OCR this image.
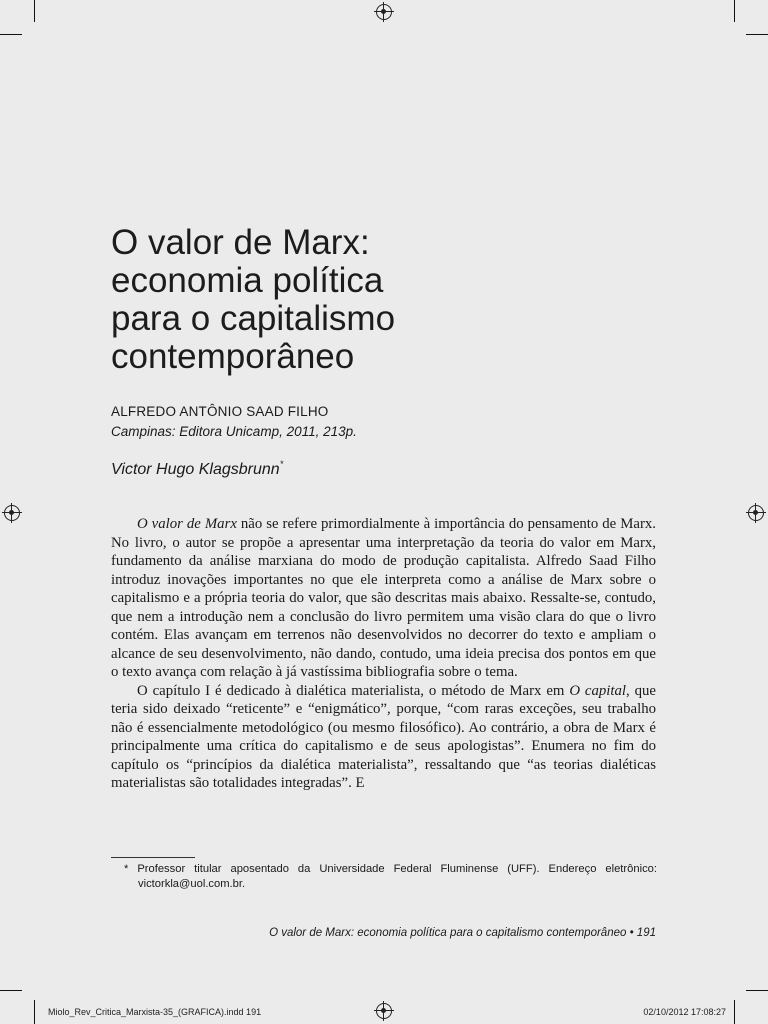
O valor de Marx:
economia política
para o capitalismo
contemporâneo
ALFREDO ANTÔNIO SAAD FILHO
Campinas: Editora Unicamp, 2011, 213p.
Victor Hugo Klagsbrunn*

O valor de Marx não se refere primordialmente à importância do pensamento de Marx. No livro, o autor se propõe a apresentar uma interpretação da teoria do valor em Marx, fundamento da análise marxiana do modo de produção capitalista. Alfredo Saad Filho introduz inovações importantes no que ele interpreta como a análise de Marx sobre o capitalismo e a própria teoria do valor, que são descritas mais abaixo. Ressalte-se, contudo, que nem a introdução nem a conclusão do livro permitem uma visão clara do que o livro contém. Elas avançam em terrenos não desenvolvidos no decorrer do texto e ampliam o alcance de seu desenvolvimento, não dando, contudo, uma ideia precisa dos pontos em que o texto avança com relação à já vastíssima bibliografia sobre o tema.

O capítulo I é dedicado à dialética materialista, o método de Marx em O capital, que teria sido deixado “reticente” e “enigmático”, porque, “com raras exceções, seu trabalho não é essencialmente metodológico (ou mesmo filosófico). Ao contrário, a obra de Marx é principalmente uma crítica do capitalismo e de seus apologistas”. Enumera no fim do capítulo os “princípios da dialética materialista”, ressaltando que “as teorias dialéticas materialistas são totalidades integradas”. E

* Professor titular aposentado da Universidade Federal Fluminense (UFF). Endereço eletrônico: victorkla@uol.com.br.
O valor de Marx: economia política para o capitalismo contemporâneo • 191
Miolo_Rev_Critica_Marxista-35_(GRAFICA).indd 191	02/10/2012 17:08:27
